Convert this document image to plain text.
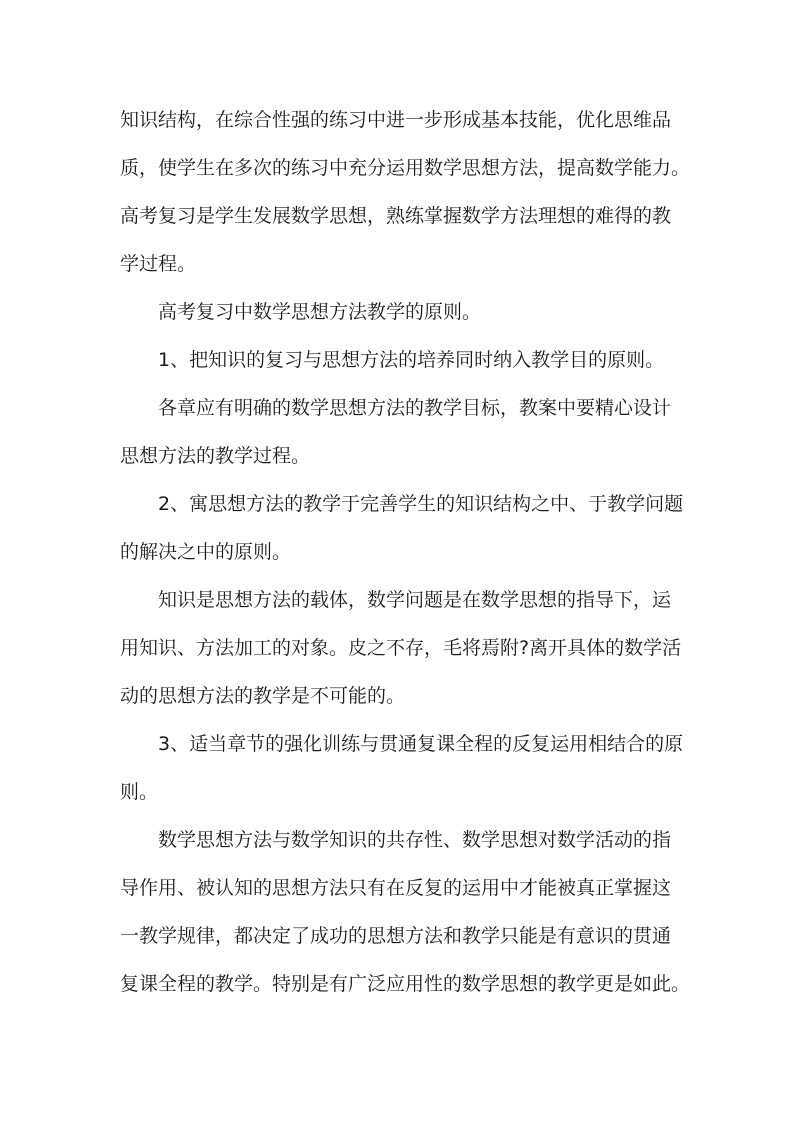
知识结构，在综合性强的练习中进一步形成基本技能，优化思维品
质，使学生在多次的练习中充分运用数学思想方法，提高数学能力。
高考复习是学生发展数学思想，熟练掌握数学方法理想的难得的教
学过程。
高考复习中数学思想方法教学的原则。
1、把知识的复习与思想方法的培养同时纳入教学目的原则。
各章应有明确的数学思想方法的教学目标，教案中要精心设计
思想方法的教学过程。
2、寓思想方法的教学于完善学生的知识结构之中、于教学问题
的解决之中的原则。
知识是思想方法的载体，数学问题是在数学思想的指导下，运
用知识、方法加工的对象。皮之不存，毛将焉附?离开具体的数学活
动的思想方法的教学是不可能的。
3、适当章节的强化训练与贯通复课全程的反复运用相结合的原
则。
数学思想方法与数学知识的共存性、数学思想对数学活动的指
导作用、被认知的思想方法只有在反复的运用中才能被真正掌握这
一教学规律，都决定了成功的思想方法和教学只能是有意识的贯通
复课全程的教学。特别是有广泛应用性的数学思想的教学更是如此。
